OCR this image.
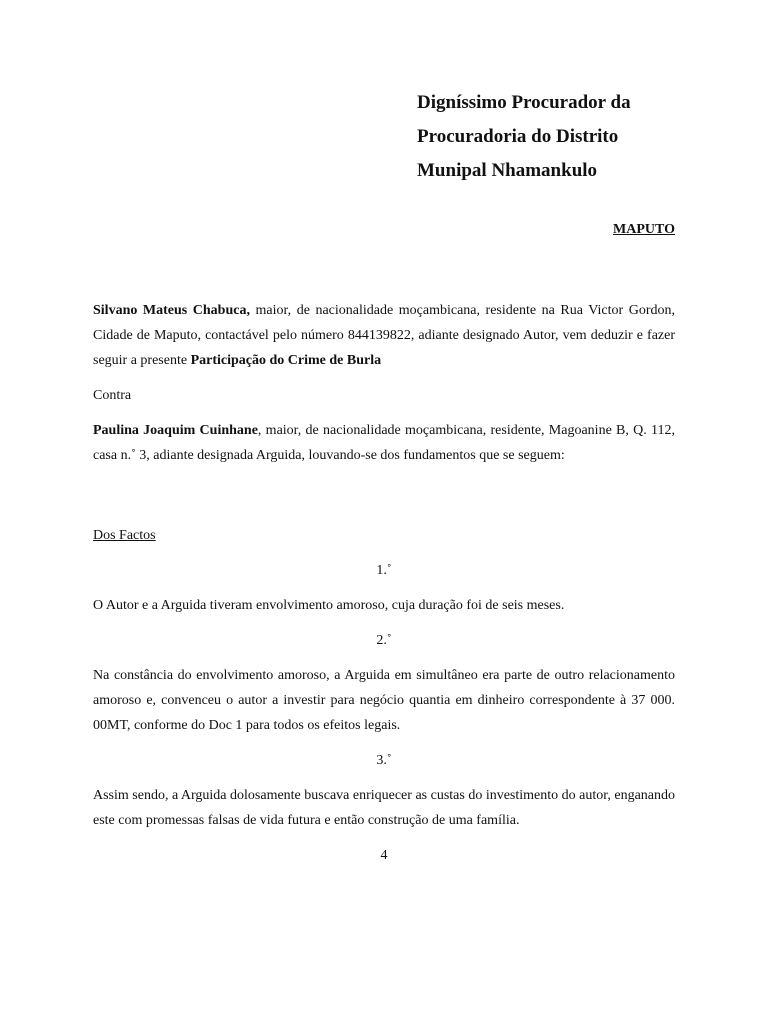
Digníssimo Procurador da
Procuradoria do Distrito
Munipal Nhamankulo
MAPUTO

Silvano Mateus Chabuca, maior, de nacionalidade moçambicana, residente na Rua Victor Gordon, Cidade de Maputo, contactável pelo número 844139822, adiante designado Autor, vem deduzir e fazer seguir a presente Participação do Crime de Burla

Contra

Paulina Joaquim Cuinhane, maior, de nacionalidade moçambicana, residente, Magoanine B, Q. 112, casa n.˚ 3, adiante designada Arguida, louvando-se dos fundamentos que se seguem:

Dos Factos

1.˚

O Autor e a Arguida tiveram envolvimento amoroso, cuja duração foi de seis meses.

2.˚

Na constância do envolvimento amoroso, a Arguida em simultâneo era parte de outro relacionamento amoroso e, convenceu o autor a investir para negócio quantia em dinheiro correspondente à 37 000. 00MT, conforme do Doc 1 para todos os efeitos legais.

3.˚

Assim sendo, a Arguida dolosamente buscava enriquecer as custas do investimento do autor, enganando este com promessas falsas de vida futura e então construção de uma família.

4
